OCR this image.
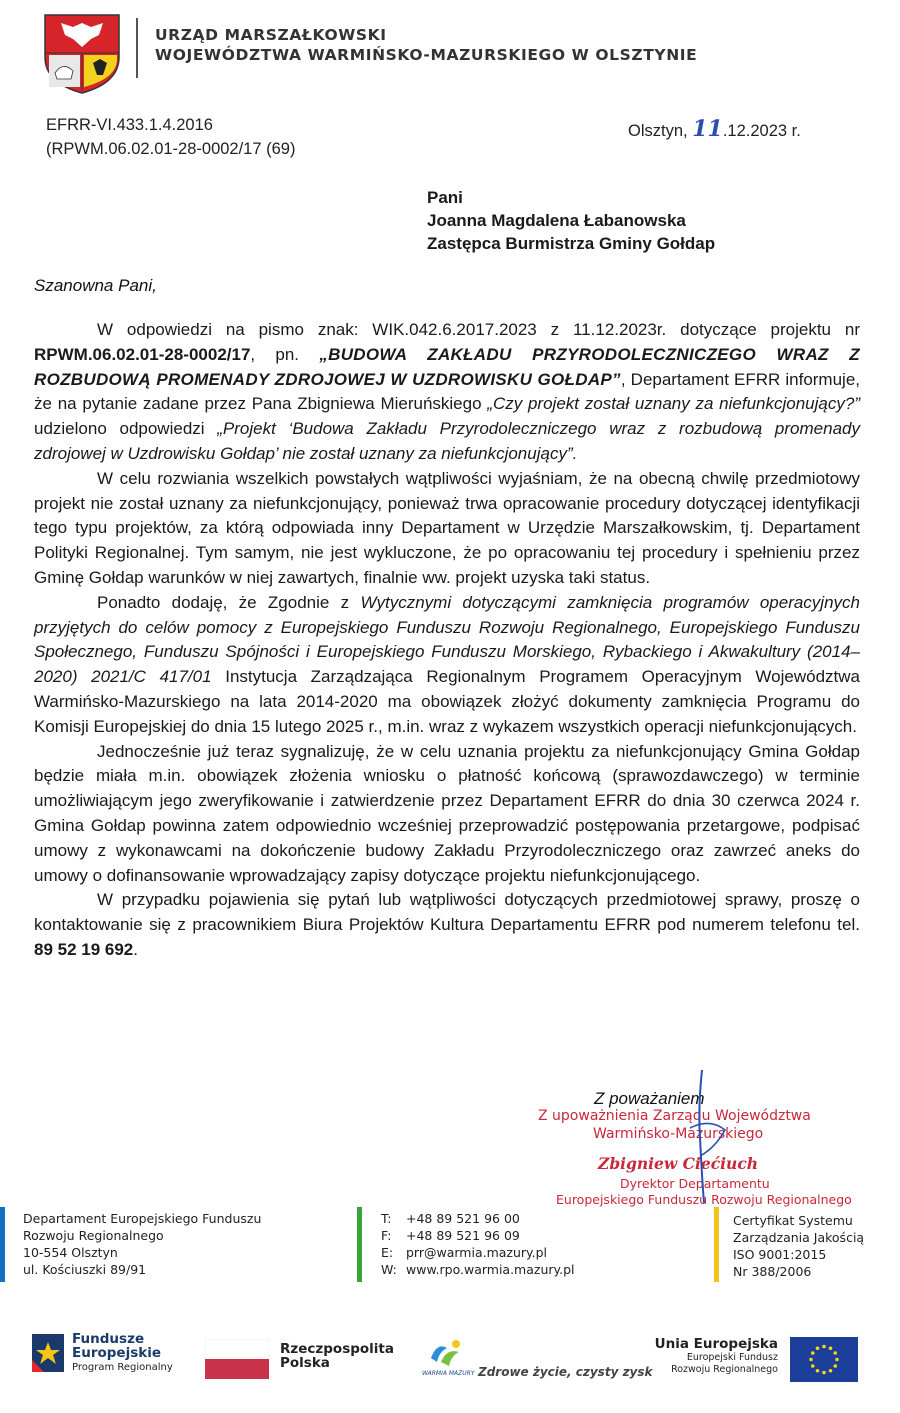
URZĄD MARSZAŁKOWSKI
WOJEWÓDZTWA WARMIŃSKO-MAZURSKIEGO W OLSZTYNIE
EFRR-VI.433.1.4.2016
(RPWM.06.02.01-28-0002/17 (69)
Olsztyn, 11.12.2023 r.
Pani
Joanna Magdalena Łabanowska
Zastępca Burmistrza Gminy Gołdap
Szanowna Pani,

W odpowiedzi na pismo znak: WIK.042.6.2017.2023 z 11.12.2023r. dotyczące projektu nr RPWM.06.02.01-28-0002/17, pn. „BUDOWA ZAKŁADU PRZYRODOLECZNICZEGO WRAZ Z ROZBUDOWĄ PROMENADY ZDROJOWEJ W UZDROWISKU GOŁDAP”, Departament EFRR informuje, że na pytanie zadane przez Pana Zbigniewa Mieruńskiego „Czy projekt został uznany za niefunkcjonujący?” udzielono odpowiedzi „Projekt ‘Budowa Zakładu Przyrodoleczniczego wraz z rozbudową promenady zdrojowej w Uzdrowisku Gołdap’ nie został uznany za niefunkcjonujący”.

W celu rozwiania wszelkich powstałych wątpliwości wyjaśniam, że na obecną chwilę przedmiotowy projekt nie został uznany za niefunkcjonujący, ponieważ trwa opracowanie procedury dotyczącej identyfikacji tego typu projektów, za którą odpowiada inny Departament w Urzędzie Marszałkowskim, tj. Departament Polityki Regionalnej. Tym samym, nie jest wykluczone, że po opracowaniu tej procedury i spełnieniu przez Gminę Gołdap warunków w niej zawartych, finalnie ww. projekt uzyska taki status.

Ponadto dodaję, że Zgodnie z Wytycznymi dotyczącymi zamknięcia programów operacyjnych przyjętych do celów pomocy z Europejskiego Funduszu Rozwoju Regionalnego, Europejskiego Funduszu Społecznego, Funduszu Spójności i Europejskiego Funduszu Morskiego, Rybackiego i Akwakultury (2014–2020) 2021/C 417/01 Instytucja Zarządzająca Regionalnym Programem Operacyjnym Województwa Warmińsko-Mazurskiego na lata 2014-2020 ma obowiązek złożyć dokumenty zamknięcia Programu do Komisji Europejskiej do dnia 15 lutego 2025 r., m.in. wraz z wykazem wszystkich operacji niefunkcjonujących.

Jednocześnie już teraz sygnalizuję, że w celu uznania projektu za niefunkcjonujący Gmina Gołdap będzie miała m.in. obowiązek złożenia wniosku o płatność końcową (sprawozdawczego) w terminie umożliwiającym jego zweryfikowanie i zatwierdzenie przez Departament EFRR do dnia 30 czerwca 2024 r. Gmina Gołdap powinna zatem odpowiednio wcześniej przeprowadzić postępowania przetargowe, podpisać umowy z wykonawcami na dokończenie budowy Zakładu Przyrodoleczniczego oraz zawrzeć aneks do umowy o dofinansowanie wprowadzający zapisy dotyczące projektu niefunkcjonującego.

W przypadku pojawienia się pytań lub wątpliwości dotyczących przedmiotowej sprawy, proszę o kontaktowanie się z pracownikiem Biura Projektów Kultura Departamentu EFRR pod numerem telefonu tel. 89 52 19 692.

Z poważaniem
Z upoważnienia Zarządu Województwa
Warmińsko-Mazurskiego
Zbigniew Ciećiuch
Dyrektor Departamentu
Europejskiego Funduszu Rozwoju Regionalnego
Departament Europejskiego Funduszu
Rozwoju Regionalnego
10-554 Olsztyn
ul. Kościuszki 89/91
T: +48 89 521 96 00
F: +48 89 521 96 09
E: prr@warmia.mazury.pl
W: www.rpo.warmia.mazury.pl
Certyfikat Systemu
Zarządzania Jakością
ISO 9001:2015
Nr 388/2006
Fundusze
Europejskie
Program Regionalny
Rzeczpospolita
Polska
WARMIA MAZURY Zdrowe życie, czysty zysk
Unia Europejska
Europejski Fundusz
Rozwoju Regionalnego
